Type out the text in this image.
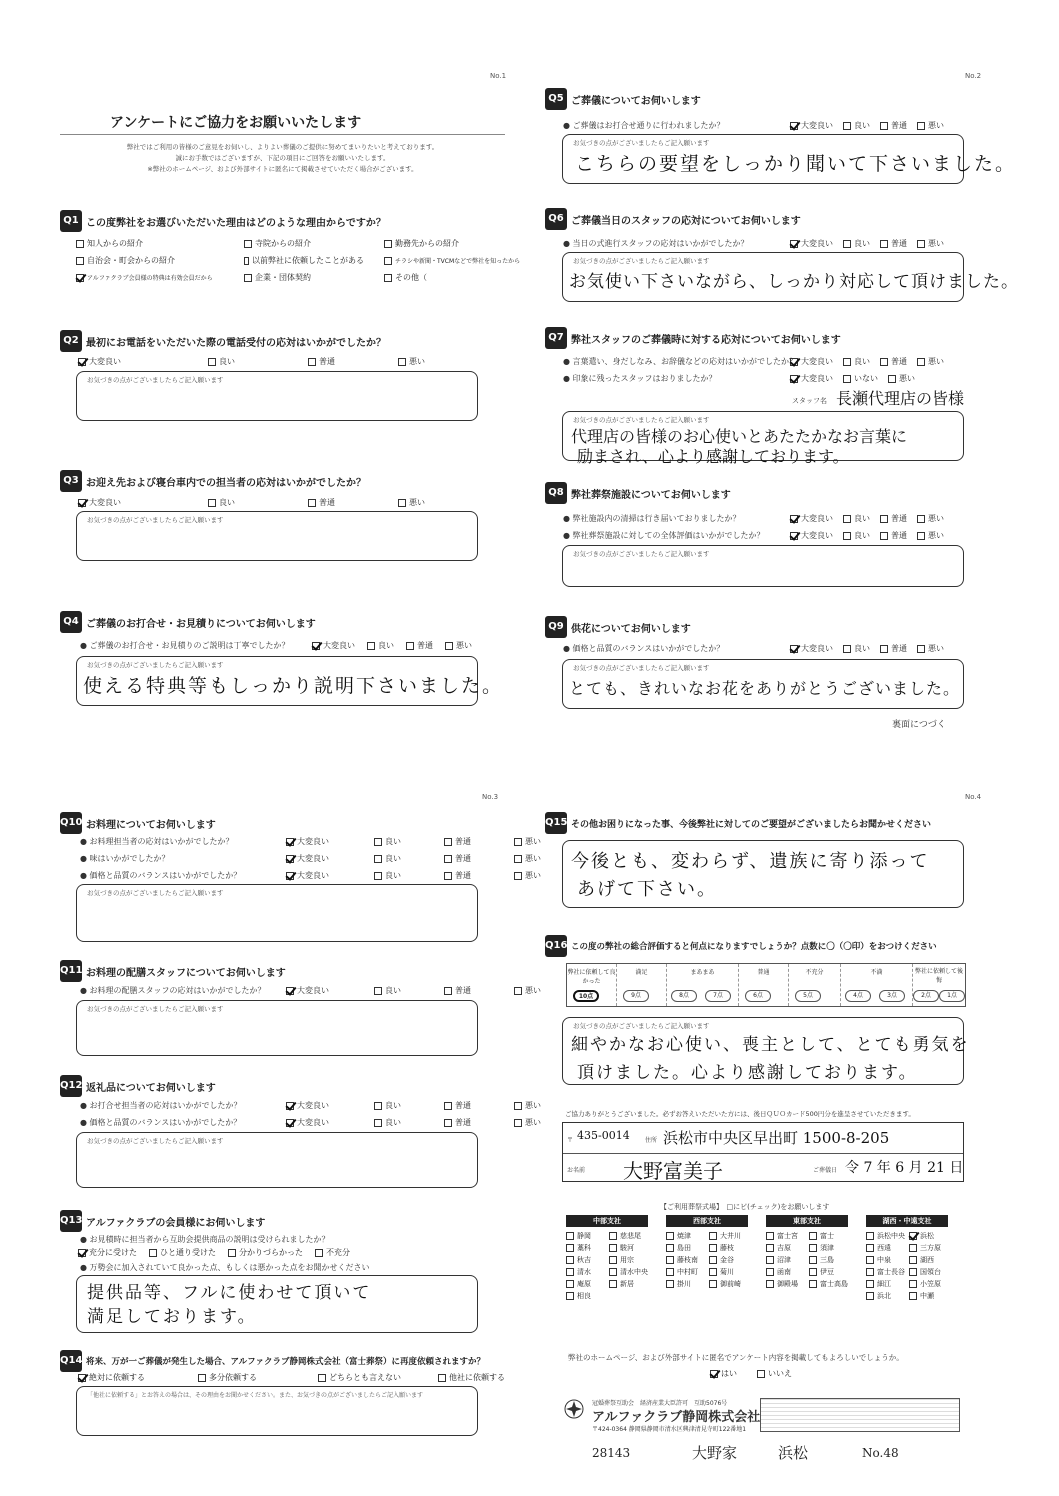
No.1
アンケートにご協力をお願いいたします
弊社ではご利用の皆様のご意見をお伺いし、よりよい葬儀のご提供に努めてまいりたいと考えております。
誠にお手数ではございますが、下記の項目にご回答をお願いいたします。
※弊社のホームページ、および外部サイトに匿名にて掲載させていただく場合がございます。
Q1 この度弊社をお選びいただいた理由はどのような理由からですか？
知人からの紹介	寺院からの紹介	勤務先からの紹介
自治会・町会からの紹介	以前弊社に依頼したことがある	チラシや新聞・TVCMなどで弊社を知ったから
アルファクラブ会員様の特典は有効会員だから	企業・団体契約	その他（
Q2 最初にお電話をいただいた際の電話受付の応対はいかがでしたか？
大変良い	良い	普通	悪い
お気づきの点がございましたらご記入願います
Q3 お迎え先および寝台車内での担当者の応対はいかがでしたか？
大変良い	良い	普通	悪い
お気づきの点がございましたらご記入願います
Q4 ご葬儀のお打合せ・お見積りについてお伺いします
● ご葬儀のお打合せ・お見積りのご説明は丁寧でしたか？	大変良い	良い	普通	悪い
お気づきの点がございましたらご記入願います
使える特典等もしっかり説明下さいました。
No.2
Q5 ご葬儀についてお伺いします
● ご葬儀はお打合せ通りに行われましたか？	大変良い	良い	普通	悪い
お気づきの点がございましたらご記入願います
こちらの要望をしっかり聞いて下さいました。
Q6 ご葬儀当日のスタッフの応対についてお伺いします
● 当日の式進行スタッフの応対はいかがでしたか？	大変良い	良い	普通	悪い
お気づきの点がございましたらご記入願います
お気使い下さいながら、しっかり対応して頂けました。
Q7 弊社スタッフのご葬儀時に対する応対についてお伺いします
● 言葉遣い、身だしなみ、お辞儀などの応対はいかがでしたか？ 大変良い	良い	普通	悪い
● 印象に残ったスタッフはおりましたか？	大変良い	いない	悪い
スタッフ名 長瀬代理店の皆様
お気づきの点がございましたらご記入願います
代理店の皆様のお心使いとあたたかなお言葉に
励まされ、心より感謝しております。
Q8 弊社葬祭施設についてお伺いします
● 弊社施設内の清掃は行き届いておりましたか？	大変良い	良い	普通	悪い
● 弊社葬祭施設に対しての全体評価はいかがでしたか？	大変良い	良い	普通	悪い
お気づきの点がございましたらご記入願います
Q9 供花についてお伺いします
● 価格と品質のバランスはいかがでしたか？	大変良い	良い	普通	悪い
お気づきの点がございましたらご記入願います
とても、きれいなお花をありがとうございました。
裏面につづく
No.3
Q10 お料理についてお伺いします
● お料理担当者の応対はいかがでしたか？
● 味はいかがでしたか？
● 価格と品質のバランスはいかがでしたか？
大変良い	良い	普通	悪い
大変良い	良い	普通	悪い
大変良い	良い	普通	悪い
お気づきの点がございましたらご記入願います
Q11 お料理の配膳スタッフについてお伺いします
● お料理の配膳スタッフの応対はいかがでしたか？	大変良い	良い	普通	悪い
お気づきの点がございましたらご記入願います
Q12 返礼品についてお伺いします
● お打合せ担当者の応対はいかがでしたか？
● 価格と品質のバランスはいかがでしたか？
大変良い	良い	普通	悪い
大変良い	良い	普通	悪い
お気づきの点がございましたらご記入願います
Q13 アルファクラブの会員様にお伺いします
● お見積時に担当者から互助会提供商品の説明は受けられましたか？
充分に受けた	ひと通り受けた	分かりづらかった	不充分
● 万勢会に加入されていて良かった点、もしくは悪かった点をお聞かせください
提供品等、フルに使わせて頂いて
満足しております。
Q14 将来、万が一ご葬儀が発生した場合、アルファクラブ静岡株式会社（富士葬祭）に再度依頼されますか？
絶対に依頼する	多分依頼する	どちらとも言えない	他社に依頼する
「他社に依頼する」とお答えの場合は、その理由をお聞かせください。また、お気づきの点がございましたらご記入願います
No.4
Q15 その他お困りになった事、今後弊社に対してのご要望がございましたらお聞かせください
今後とも、変わらず、遺族に寄り添って
あげて下さい。
Q16 この度の弊社の総合評価すると何点になりますでしょうか？点数に〇（〇印）をおつけください
弊社に依頼して良かった
10点
満足
9点
まあまあ
8点	7点
普通
6点
不充分
5点
不満
4点	3点
弊社に依頼して後悔
2点	1点
お気づきの点がございましたらご記入願います
細やかなお心使い、喪主として、とても勇気を
頂けました。心より感謝しております。
ご協力ありがとうございました。必ずお答えいただいた方には、後日ＱＵＯカード500円分を進呈させていただきます。
〒 435-0014	住所 浜松市中央区早出町 1500-8-205
お名前 大野富美子	ご葬儀日 令 7 年 6 月 21 日
【ご利用葬祭式場】　□にビ(チェック)をお願いします
中部支社
静岡	慈悲尾
藁科	駿河
秋吉	用宗
清水	清水中央
庵原	新居
相良
西部支社
焼津	大井川
島田	藤枝
藤枝南	金谷
中村町	菊川
掛川	御前崎
東部支社
富士宮	富士
吉原	須津
沼津	三島
函南	伊豆
御殿場	富士高島
湖西・中遠支社
浜松中央 浜松
西遠	三方原
中泉	湖西
富士長谷 国領台
細江	小笠原
浜北	中瀬
弊社のホームページ、および外部サイトに匿名でアンケート内容を掲載してもよろしいでしょうか。
はい	いいえ
冠婚葬祭互助会　経済産業大臣許可　互助5076号
アルファクラブ静岡株式会社
〒424-0364 静岡県静岡市清水区興津清見寺町122番地1
28143	大野家	浜松	No.48
